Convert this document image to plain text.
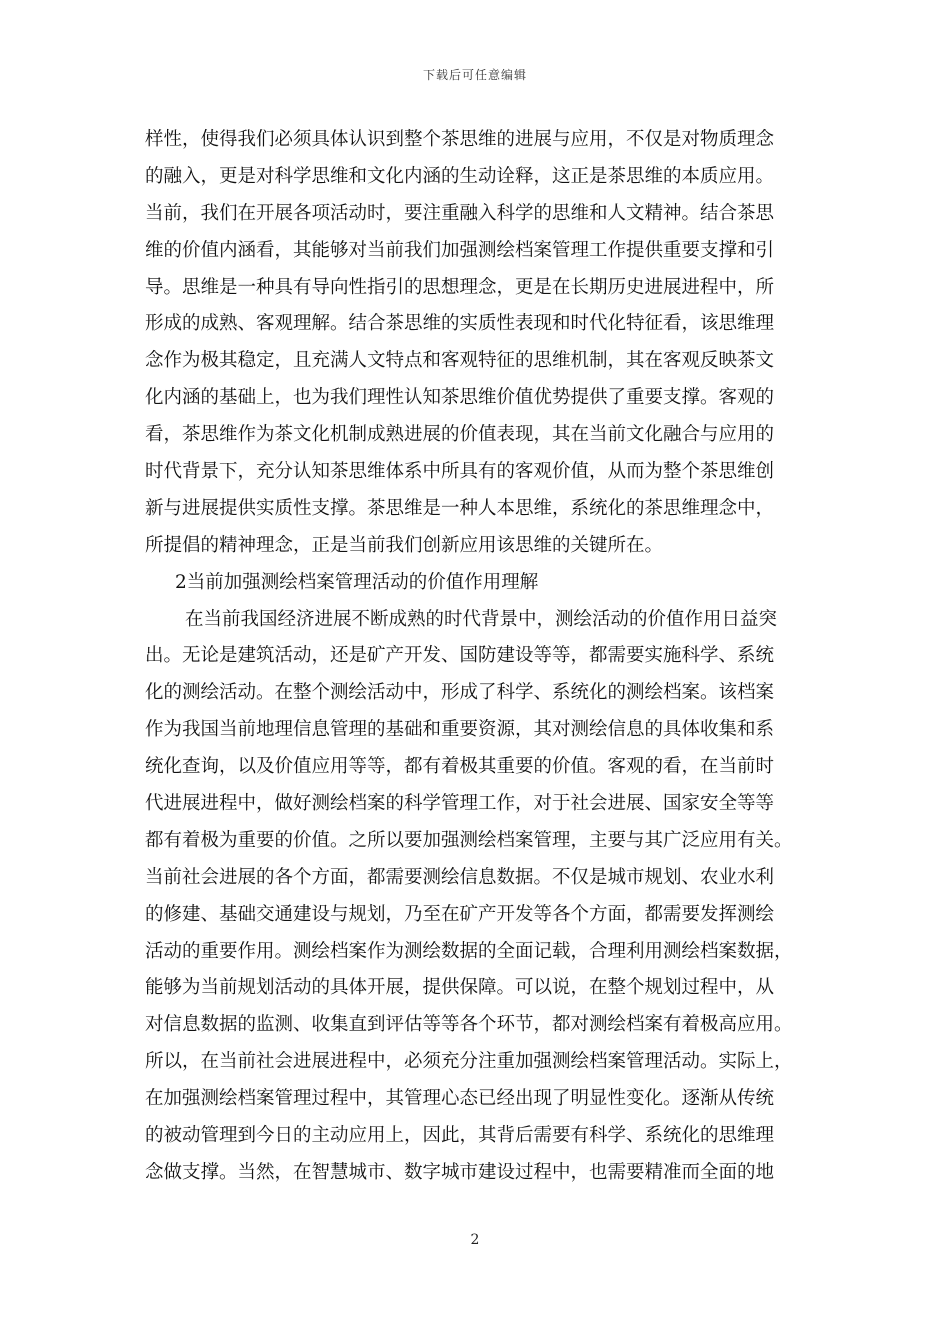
下载后可任意编辑
样性，使得我们必须具体认识到整个茶思维的进展与应用，不仅是对物质理念
的融入，更是对科学思维和文化内涵的生动诠释，这正是茶思维的本质应用。
当前，我们在开展各项活动时，要注重融入科学的思维和人文精神。结合茶思
维的价值内涵看，其能够对当前我们加强测绘档案管理工作提供重要支撑和引
导。思维是一种具有导向性指引的思想理念，更是在长期历史进展进程中，所
形成的成熟、客观理解。结合茶思维的实质性表现和时代化特征看，该思维理
念作为极其稳定，且充满人文特点和客观特征的思维机制，其在客观反映茶文
化内涵的基础上，也为我们理性认知茶思维价值优势提供了重要支撑。客观的
看，茶思维作为茶文化机制成熟进展的价值表现，其在当前文化融合与应用的
时代背景下，充分认知茶思维体系中所具有的客观价值，从而为整个茶思维创
新与进展提供实质性支撑。茶思维是一种人本思维，系统化的茶思维理念中，
所提倡的精神理念，正是当前我们创新应用该思维的关键所在。
2当前加强测绘档案管理活动的价值作用理解
在当前我国经济进展不断成熟的时代背景中，测绘活动的价值作用日益突
出。无论是建筑活动，还是矿产开发、国防建设等等，都需要实施科学、系统
化的测绘活动。在整个测绘活动中，形成了科学、系统化的测绘档案。该档案
作为我国当前地理信息管理的基础和重要资源，其对测绘信息的具体收集和系
统化查询，以及价值应用等等，都有着极其重要的价值。客观的看，在当前时
代进展进程中，做好测绘档案的科学管理工作，对于社会进展、国家安全等等
都有着极为重要的价值。之所以要加强测绘档案管理，主要与其广泛应用有关。
当前社会进展的各个方面，都需要测绘信息数据。不仅是城市规划、农业水利
的修建、基础交通建设与规划，乃至在矿产开发等各个方面，都需要发挥测绘
活动的重要作用。测绘档案作为测绘数据的全面记载，合理利用测绘档案数据，
能够为当前规划活动的具体开展，提供保障。可以说，在整个规划过程中，从
对信息数据的监测、收集直到评估等等各个环节，都对测绘档案有着极高应用。
所以，在当前社会进展进程中，必须充分注重加强测绘档案管理活动。实际上，
在加强测绘档案管理过程中，其管理心态已经出现了明显性变化。逐渐从传统
的被动管理到今日的主动应用上，因此，其背后需要有科学、系统化的思维理
念做支撑。当然，在智慧城市、数字城市建设过程中，也需要精准而全面的地
2
